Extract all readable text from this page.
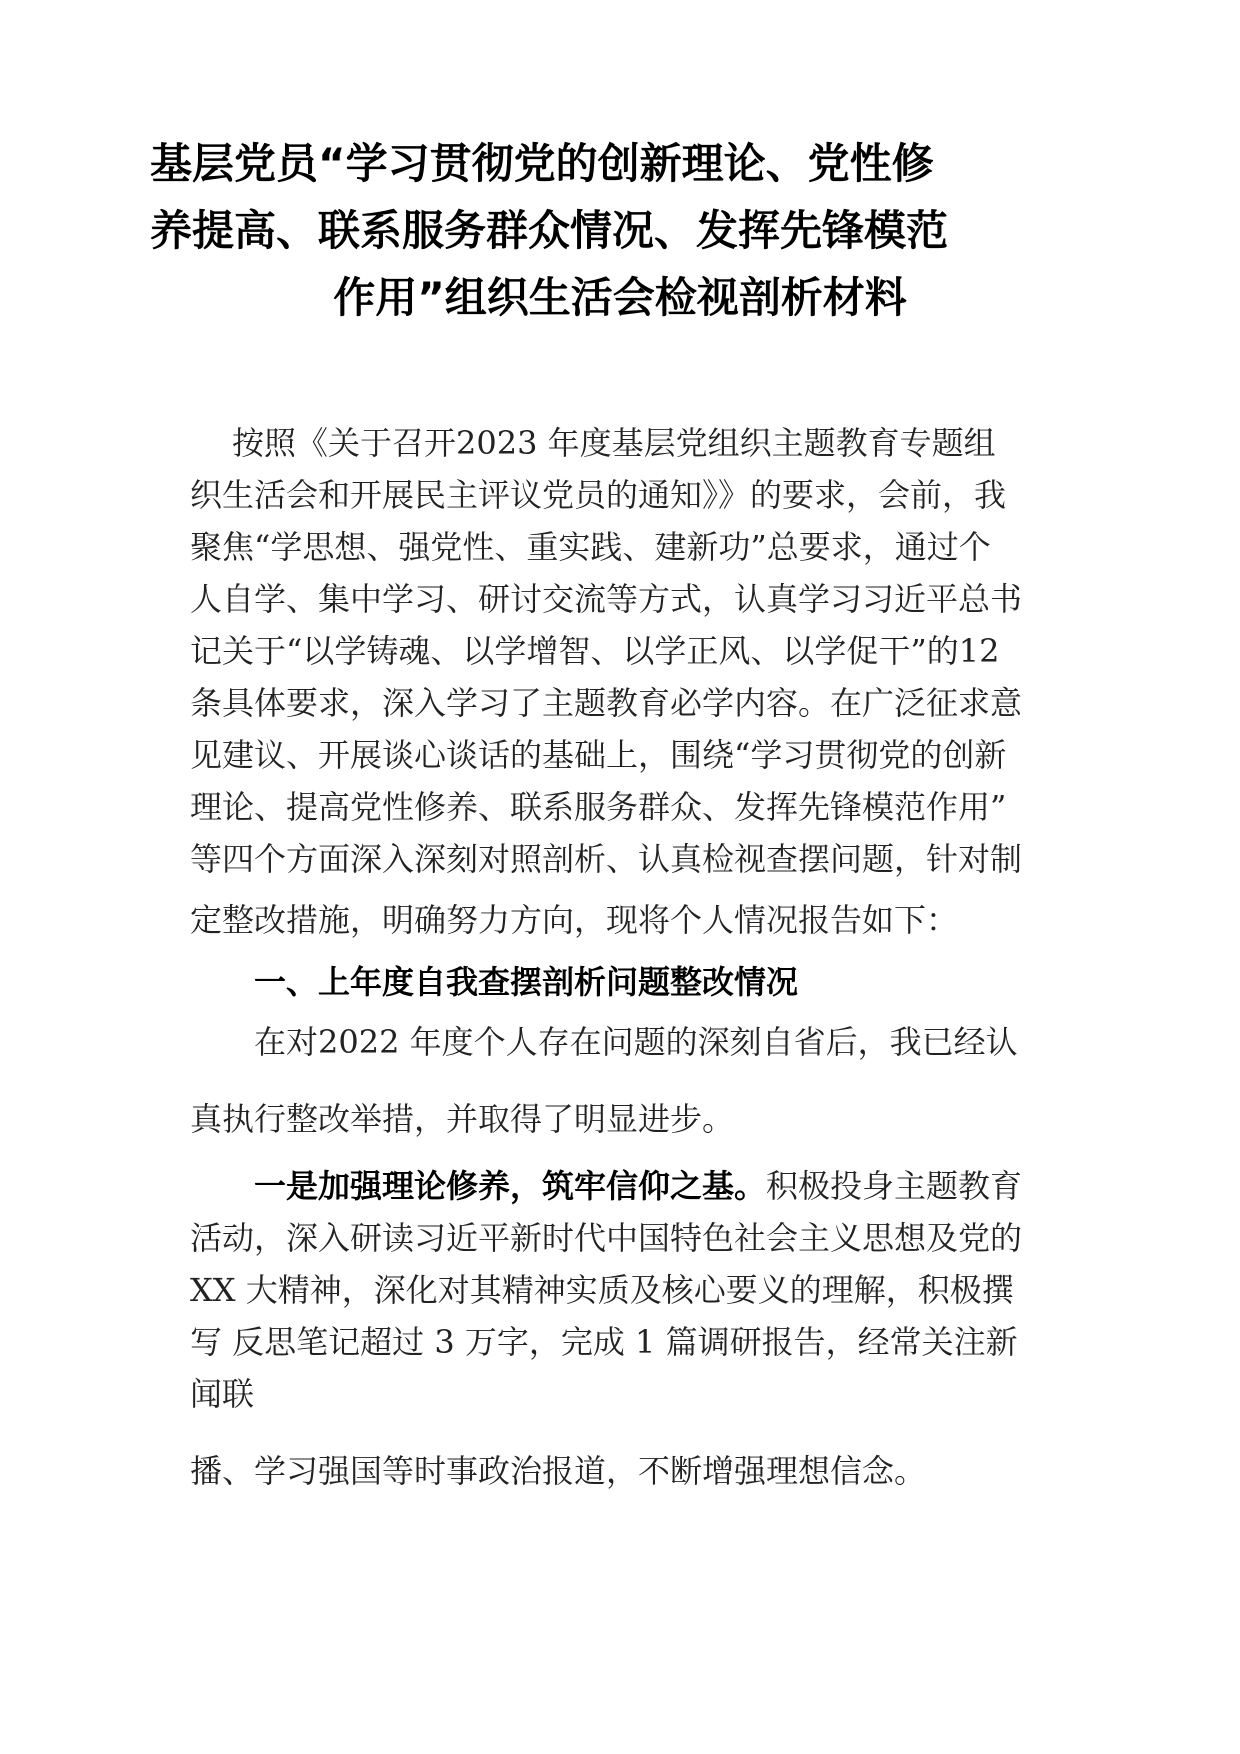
基层党员“学习贯彻党的创新理论、党性修
养提高、联系服务群众情况、发挥先锋模范
作用”组织生活会检视剖析材料
按照《关于召开2023 年度基层党组织主题教育专题组
织生活会和开展民主评议党员的通知》》的要求，会前，我
聚焦“学思想、强党性、重实践、建新功”总要求，通过个
人自学、集中学习、研讨交流等方式，认真学习习近平总书
记关于“以学铸魂、以学增智、以学正风、以学促干”的12
条具体要求，深入学习了主题教育必学内容。在广泛征求意
见建议、开展谈心谈话的基础上，围绕“学习贯彻党的创新
理论、提高党性修养、联系服务群众、发挥先锋模范作用”
等四个方面深入深刻对照剖析、认真检视查摆问题，针对制
定整改措施，明确努力方向，现将个人情况报告如下：
一、上年度自我查摆剖析问题整改情况
在对2022 年度个人存在问题的深刻自省后，我已经认
真执行整改举措，并取得了明显进步。
一是加强理论修养，筑牢信仰之基。积极投身主题教育
活动，深入研读习近平新时代中国特色社会主义思想及党的
XX 大精神，深化对其精神实质及核心要义的理解，积极撰
写 反思笔记超过 3 万字，完成 1 篇调研报告，经常关注新
闻联
播、学习强国等时事政治报道，不断增强理想信念。
